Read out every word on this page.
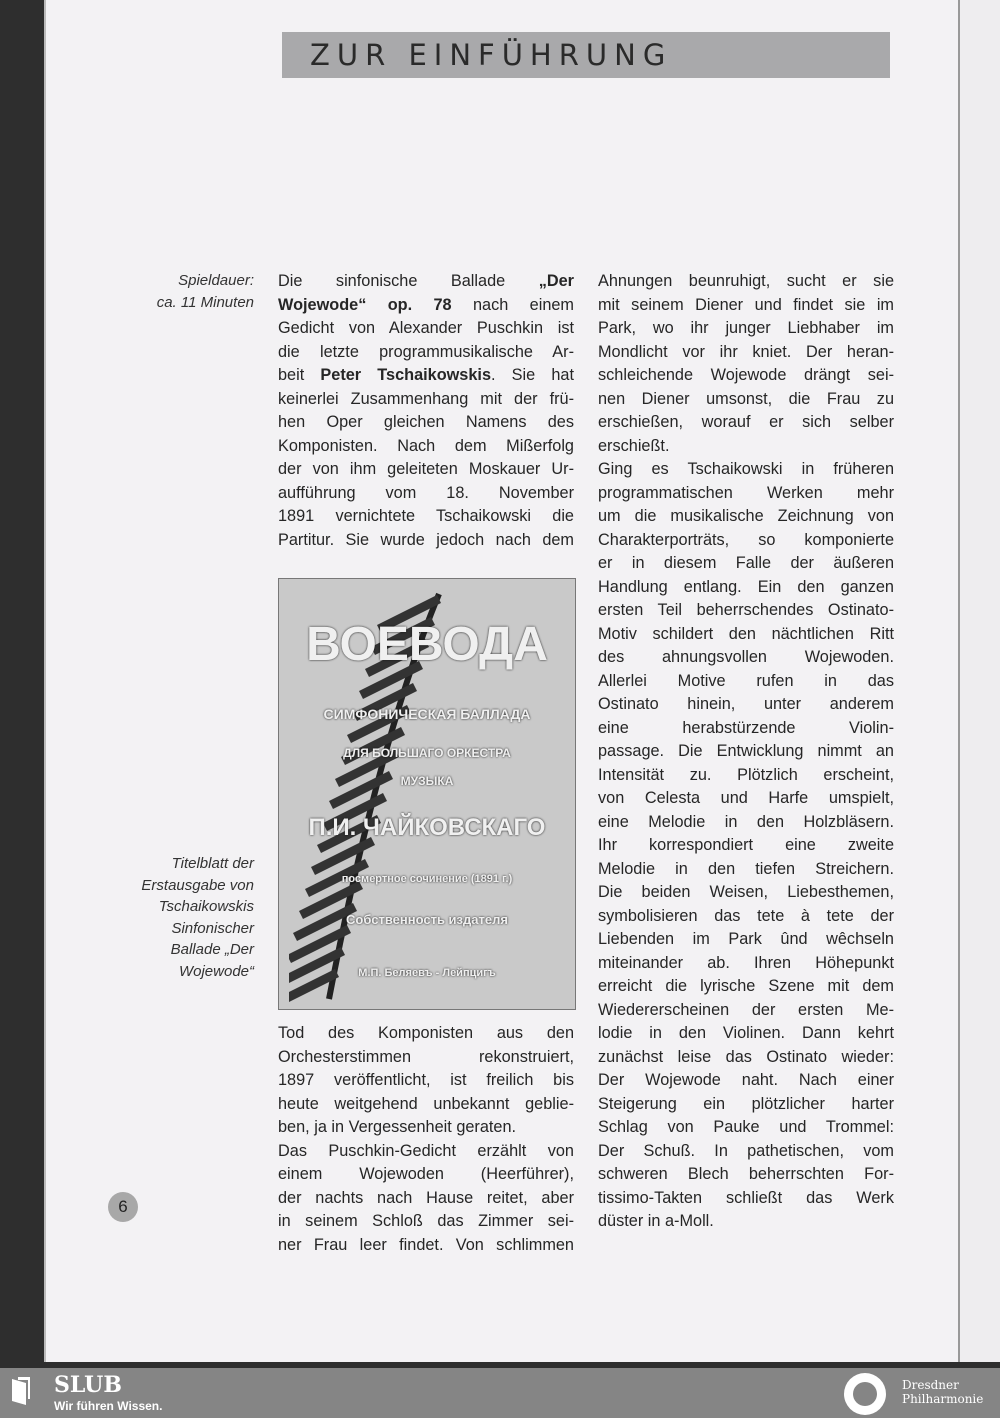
ZUR EINFÜHRUNG
Spieldauer:
ca. 11 Minuten
Titelblatt der
Erstausgabe von
Tschaikowskis
Sinfonischer
Ballade „Der
Wojewode“
Die sinfonische Ballade „Der
Wojewode“ op. 78 nach einem
Gedicht von Alexander Puschkin ist
die letzte programmusikalische Ar-
beit Peter Tschaikowskis. Sie hat
keinerlei Zusammenhang mit der frü-
hen Oper gleichen Namens des
Komponisten. Nach dem Mißerfolg
der von ihm geleiteten Moskauer Ur-
aufführung vom 18. November
1891 vernichtete Tschaikowski die
Partitur. Sie wurde jedoch nach dem
ВОЕВОДА
СИМФОНИЧЕСКАЯ БАЛЛАДА
ДЛЯ БОЛЬШАГО ОРКЕСТРА
МУЗЫКА
П.И. ЧАЙКОВСКАГО
посмертное сочинение (1891 г.)
Собственность издателя
М.П. Беляевъ - Лейпцигъ
Tod des Komponisten aus den
Orchesterstimmen rekonstruiert,
1897 veröffentlicht, ist freilich bis
heute weitgehend unbekannt geblie-
ben, ja in Vergessenheit geraten.
Das Puschkin-Gedicht erzählt von
einem Wojewoden (Heerführer),
der nachts nach Hause reitet, aber
in seinem Schloß das Zimmer sei-
ner Frau leer findet. Von schlimmen
Ahnungen beunruhigt, sucht er sie
mit seinem Diener und findet sie im
Park, wo ihr junger Liebhaber im
Mondlicht vor ihr kniet. Der heran-
schleichende Wojewode drängt sei-
nen Diener umsonst, die Frau zu
erschießen, worauf er sich selber
erschießt.
Ging es Tschaikowski in früheren
programmatischen Werken mehr
um die musikalische Zeichnung von
Charakterporträts, so komponierte
er in diesem Falle der äußeren
Handlung entlang. Ein den ganzen
ersten Teil beherrschendes Ostinato-
Motiv schildert den nächtlichen Ritt
des ahnungsvollen Wojewoden.
Allerlei Motive rufen in das
Ostinato hinein, unter anderem
eine herabstürzende Violin-
passage. Die Entwicklung nimmt an
Intensität zu. Plötzlich erscheint,
von Celesta und Harfe umspielt,
eine Melodie in den Holzbläsern.
Ihr korrespondiert eine zweite
Melodie in den tiefen Streichern.
Die beiden Weisen, Liebesthemen,
symbolisieren das tete à tete der
Liebenden im Park ûnd wêchseln
miteinander ab. Ihren Höhepunkt
erreicht die lyrische Szene mit dem
Wiedererscheinen der ersten Me-
lodie in den Violinen. Dann kehrt
zunächst leise das Ostinato wieder:
Der Wojewode naht. Nach einer
Steigerung ein plötzlicher harter
Schlag von Pauke und Trommel:
Der Schuß. In pathetischen, vom
schweren Blech beherrschten For-
tissimo-Takten schließt das Werk
düster in a-Moll.
6
SLUB
Wir führen Wissen.
Dresdner
Philharmonie
